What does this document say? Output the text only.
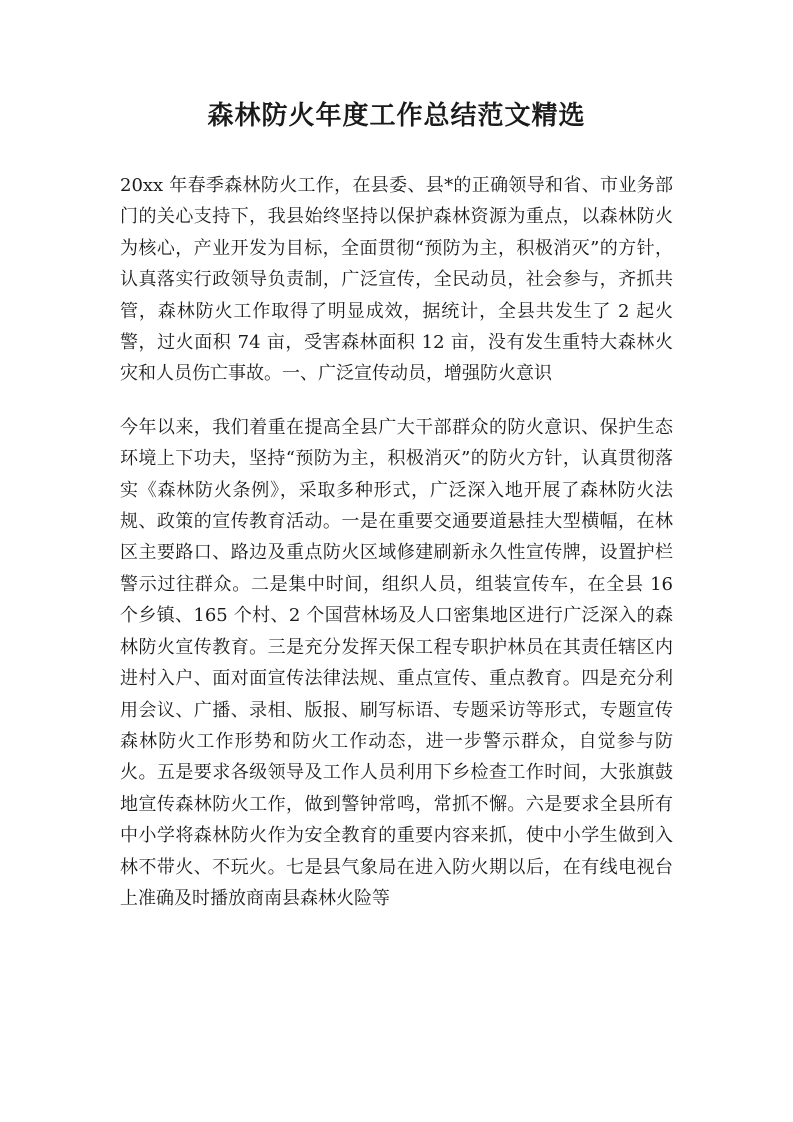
森林防火年度工作总结范文精选

20xx 年春季森林防火工作，在县委、县*的正确领导和省、市业务部门的关心支持下，我县始终坚持以保护森林资源为重点，以森林防火为核心，产业开发为目标，全面贯彻“预防为主，积极消灭”的方针，认真落实行政领导负责制，广泛宣传，全民动员，社会参与，齐抓共管，森林防火工作取得了明显成效，据统计，全县共发生了 2 起火警，过火面积 74 亩，受害森林面积 12 亩，没有发生重特大森林火灾和人员伤亡事故。一、广泛宣传动员，增强防火意识

今年以来，我们着重在提高全县广大干部群众的防火意识、保护生态环境上下功夫，坚持“预防为主，积极消灭”的防火方针，认真贯彻落实《森林防火条例》，采取多种形式，广泛深入地开展了森林防火法规、政策的宣传教育活动。一是在重要交通要道悬挂大型横幅，在林区主要路口、路边及重点防火区域修建刷新永久性宣传牌，设置护栏警示过往群众。二是集中时间，组织人员，组装宣传车，在全县 16 个乡镇、165 个村、2 个国营林场及人口密集地区进行广泛深入的森林防火宣传教育。三是充分发挥天保工程专职护林员在其责任辖区内进村入户、面对面宣传法律法规、重点宣传、重点教育。四是充分利用会议、广播、录相、版报、刷写标语、专题采访等形式，专题宣传森林防火工作形势和防火工作动态，进一步警示群众，自觉参与防火。五是要求各级领导及工作人员利用下乡检查工作时间，大张旗鼓地宣传森林防火工作，做到警钟常鸣，常抓不懈。六是要求全县所有中小学将森林防火作为安全教育的重要内容来抓，使中小学生做到入林不带火、不玩火。七是县气象局在进入防火期以后，在有线电视台上准确及时播放商南县森林火险等
